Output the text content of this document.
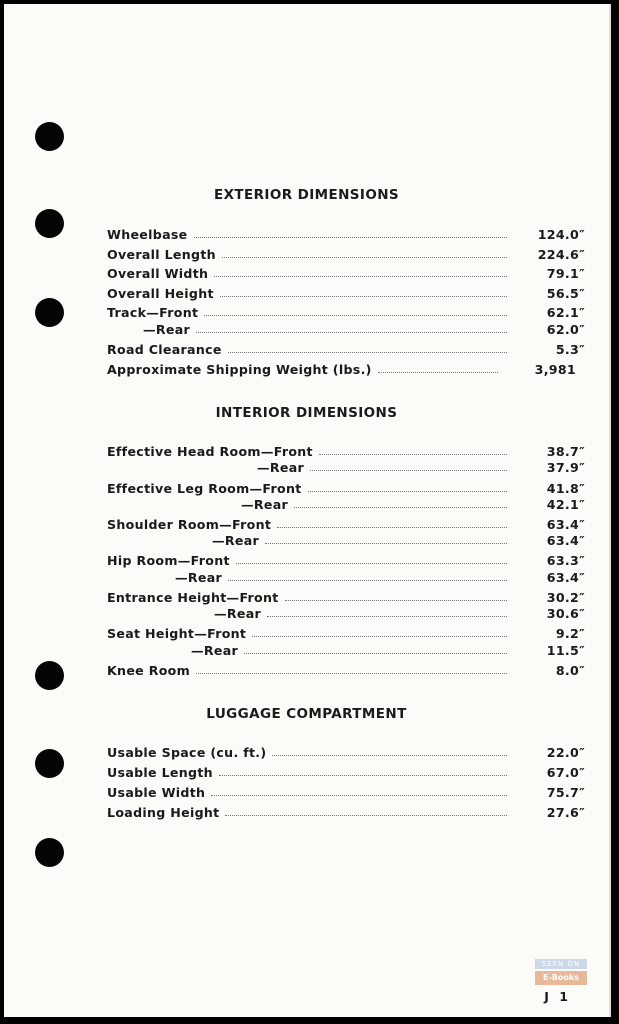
EXTERIOR DIMENSIONS
Wheelbase	124.0 ″
Overall Length	224.6 ″
Overall Width	79.1 ″
Overall Height	56.5 ″
Track—Front	62.1 ″
—Rear	62.0 ″
Road Clearance	5.3 ″
Approximate Shipping Weight (lbs.)	3,981
INTERIOR DIMENSIONS
Effective Head Room—Front	38.7 ″
—Rear	37.9 ″
Effective Leg Room—Front	41.8 ″
—Rear	42.1 ″
Shoulder Room—Front	63.4 ″
—Rear	63.4 ″
Hip Room—Front	63.3 ″
—Rear	63.4 ″
Entrance Height—Front	30.2 ″
—Rear	30.6 ″
Seat Height—Front	9.2 ″
—Rear	11.5 ″
Knee Room	8.0 ″
LUGGAGE COMPARTMENT
Usable Space (cu. ft.)	22.0 ″
Usable Length	67.0 ″
Usable Width	75.7 ″
Loading Height	27.6 ″
SEEN ON
E-Books
J 1
